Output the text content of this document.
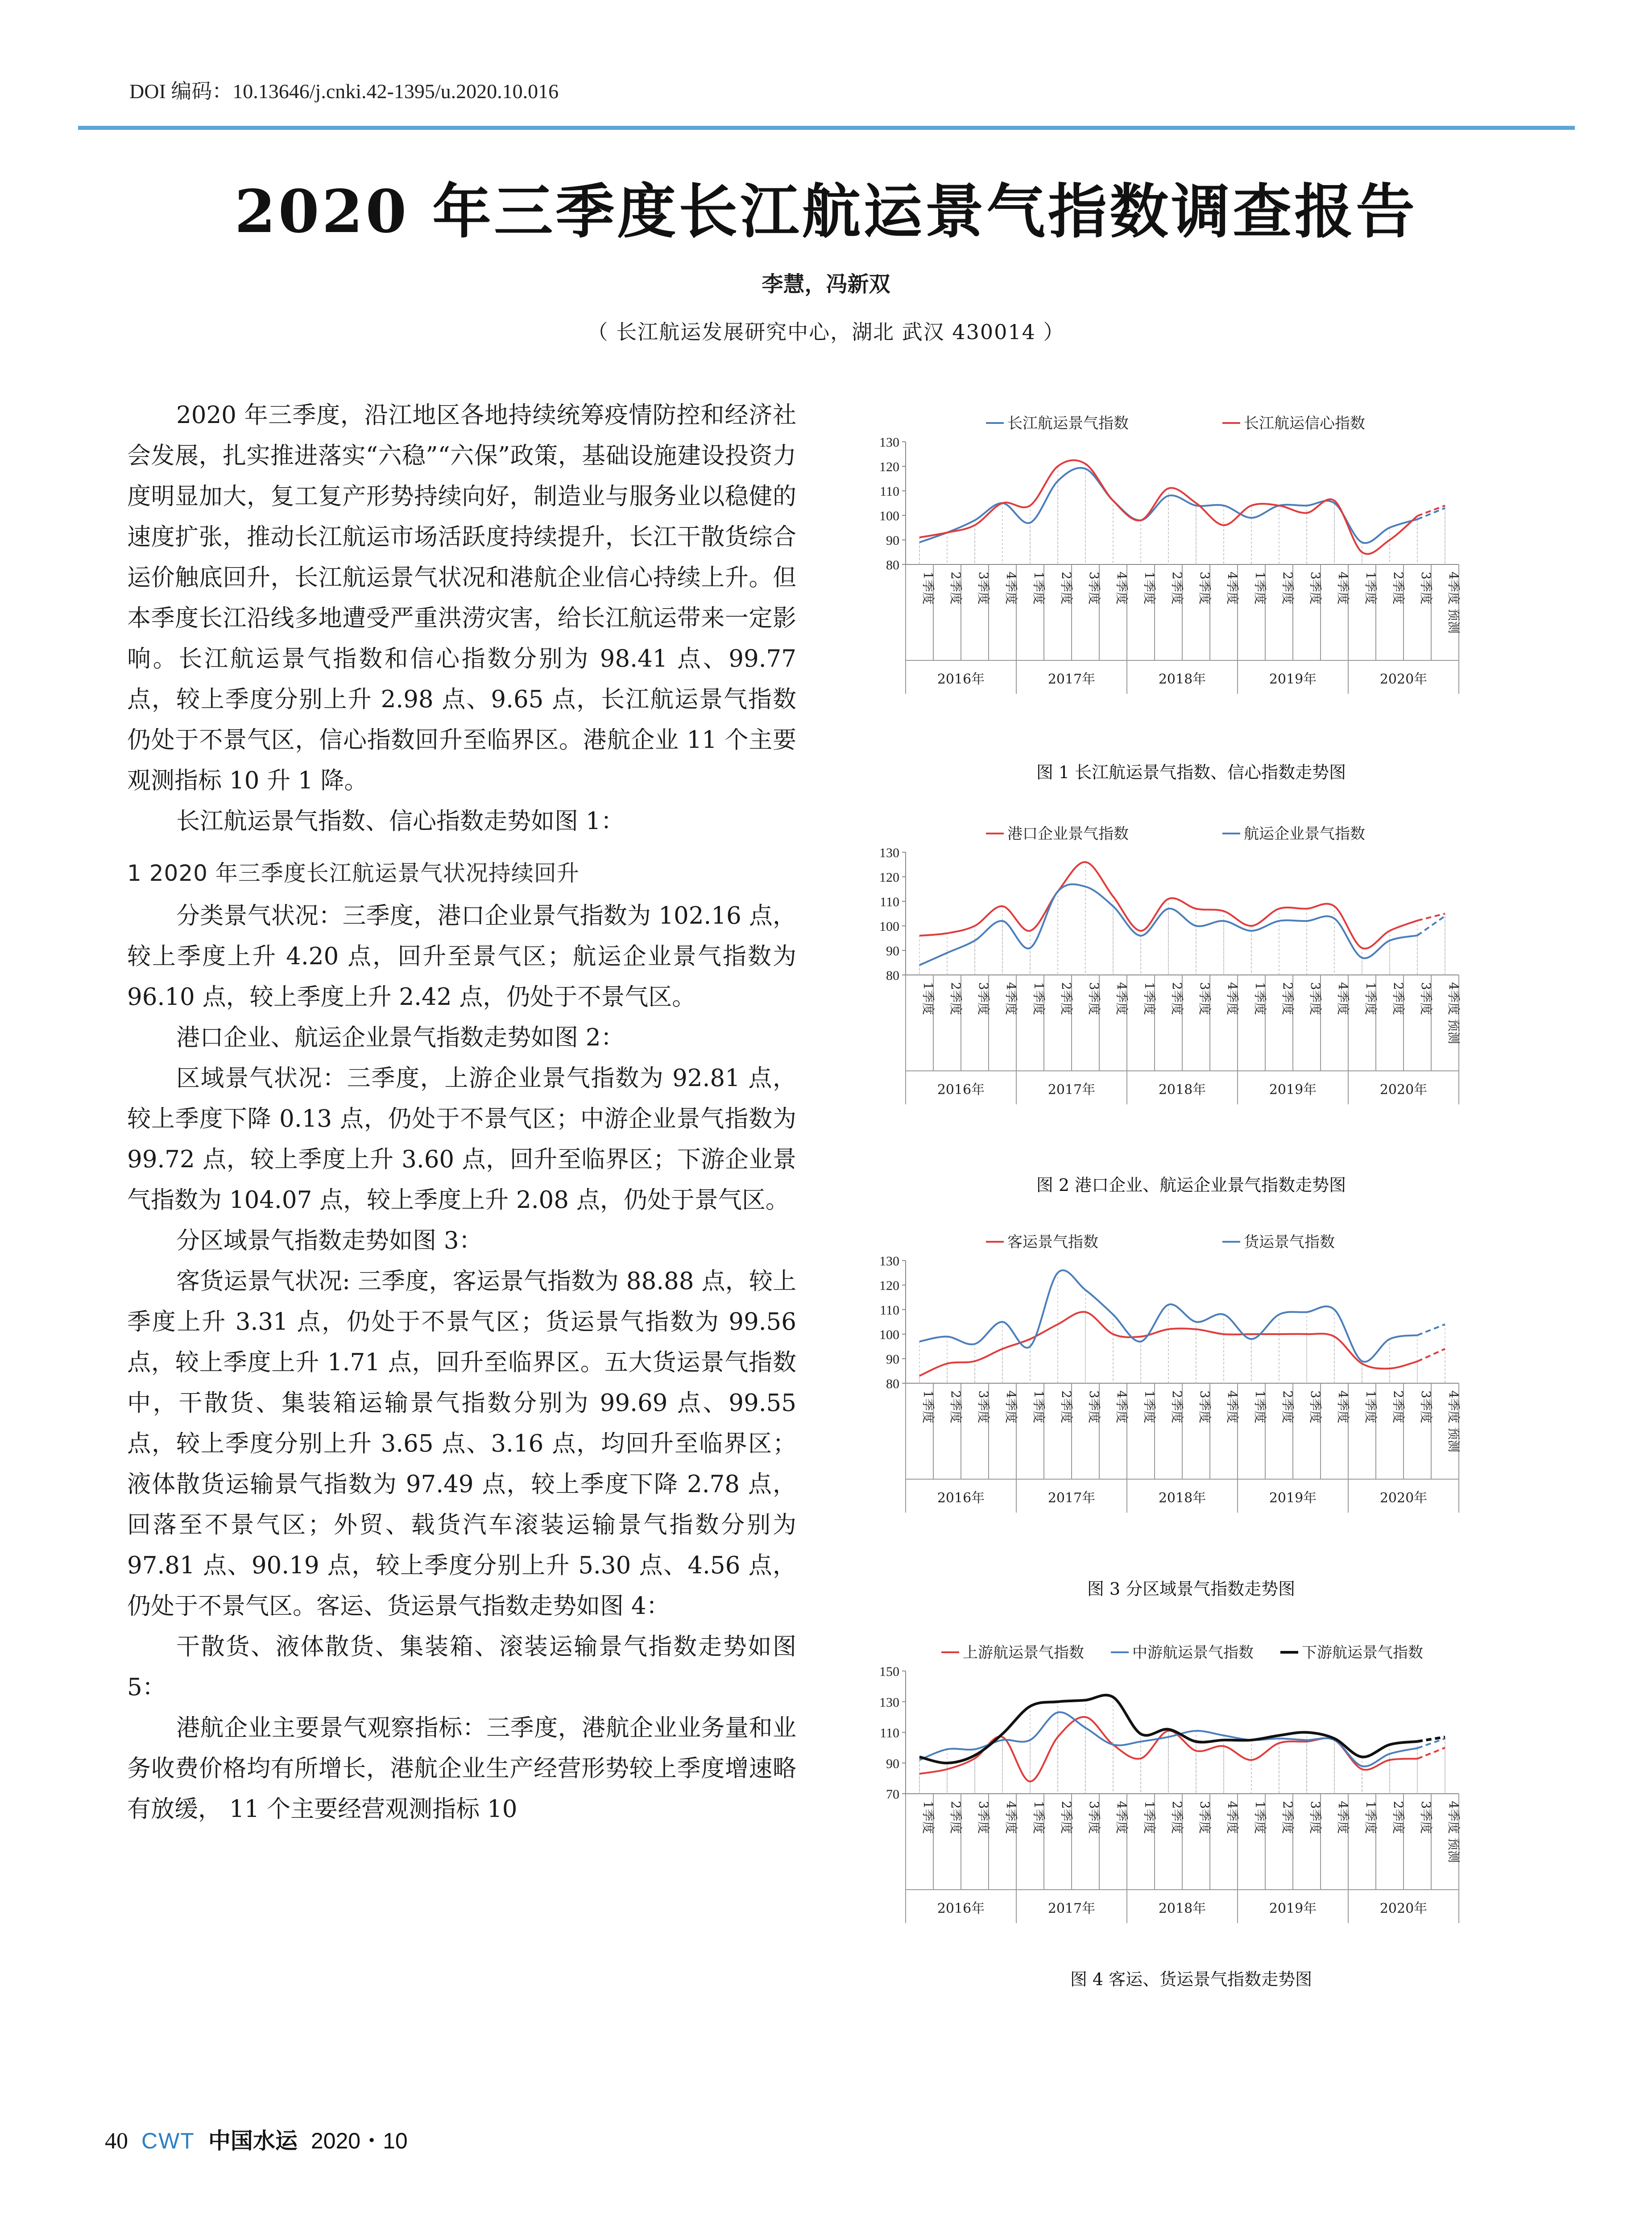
DOI 编码：10.13646/j.cnki.42-1395/u.2020.10.016
2020 年三季度长江航运景气指数调查报告
李慧，冯新双
（ 长江航运发展研究中心，湖北 武汉 430014 ）

2020 年三季度，沿江地区各地持续统筹疫情防控和经济社会发展，扎实推进落实“六稳”“六保”政策，基础设施建设投资力度明显加大，复工复产形势持续向好，制造业与服务业以稳健的速度扩张，推动长江航运市场活跃度持续提升，长江干散货综合运价触底回升，长江航运景气状况和港航企业信心持续上升。但本季度长江沿线多地遭受严重洪涝灾害，给长江航运带来一定影响。长江航运景气指数和信心指数分别为 98.41 点、99.77 点，较上季度分别上升 2.98 点、9.65 点，长江航运景气指数仍处于不景气区，信心指数回升至临界区。港航企业 11 个主要观测指标 10 升 1 降。

长江航运景气指数、信心指数走势如图 1：

1 2020 年三季度长江航运景气状况持续回升

分类景气状况：三季度，港口企业景气指数为 102.16 点，较上季度上升 4.20 点，回升至景气区；航运企业景气指数为 96.10 点，较上季度上升 2.42 点，仍处于不景气区。

港口企业、航运企业景气指数走势如图 2：

区域景气状况：三季度，上游企业景气指数为 92.81 点，较上季度下降 0.13 点，仍处于不景气区；中游企业景气指数为 99.72 点，较上季度上升 3.60 点，回升至临界区；下游企业景气指数为 104.07 点，较上季度上升 2.08 点，仍处于景气区。

分区域景气指数走势如图 3：

客货运景气状况: 三季度，客运景气指数为 88.88 点，较上季度上升 3.31 点，仍处于不景气区；货运景气指数为 99.56 点，较上季度上升 1.71 点，回升至临界区。五大货运景气指数中，干散货、集装箱运输景气指数分别为 99.69 点、99.55 点，较上季度分别上升 3.65 点、3.16 点，均回升至临界区；液体散货运输景气指数为 97.49 点，较上季度下降 2.78 点，回落至不景气区；外贸、载货汽车滚装运输景气指数分别为 97.81 点、90.19 点，较上季度分别上升 5.30 点、4.56 点，仍处于不景气区。客运、货运景气指数走势如图 4：

干散货、液体散货、集装箱、滚装运输景气指数走势如图 5：

港航企业主要景气观察指标：三季度，港航企业业务量和业务收费价格均有所增长，港航企业生产经营形势较上季度增速略有放缓， 11 个主要经营观测指标 10

长江航运景气指数	长江航运信心指数
80
90
100
110
120
130
1季度 2季度 3季度 4季度 1季度 2季度 3季度 4季度 1季度 2季度 3季度 4季度 1季度 2季度 3季度 4季度 1季度 2季度 3季度 4季度 预测
2016年	2017年	2018年	2019年	2020年
图 1 长江航运景气指数、信心指数走势图
港口企业景气指数	航运企业景气指数
80
90
100
110
120
130
1季度 2季度 3季度 4季度 1季度 2季度 3季度 4季度 1季度 2季度 3季度 4季度 1季度 2季度 3季度 4季度 1季度 2季度 3季度 4季度 预测
2016年	2017年	2018年	2019年	2020年
图 2 港口企业、航运企业景气指数走势图
客运景气指数	货运景气指数
80
90
100
110
120
130
1季度 2季度 3季度 4季度 1季度 2季度 3季度 4季度 1季度 2季度 3季度 4季度 1季度 2季度 3季度 4季度 1季度 2季度 3季度 4季度 预测
2016年	2017年	2018年	2019年	2020年
图 3 分区域景气指数走势图
上游航运景气指数	中游航运景气指数	下游航运景气指数
70
90
110
130
150
1季度 2季度 3季度 4季度 1季度 2季度 3季度 4季度 1季度 2季度 3季度 4季度 1季度 2季度 3季度 4季度 1季度 2季度 3季度 4季度 预测
2016年	2017年	2018年	2019年	2020年
图 4 客运、货运景气指数走势图
40 CWT 中国水运 2020・10
